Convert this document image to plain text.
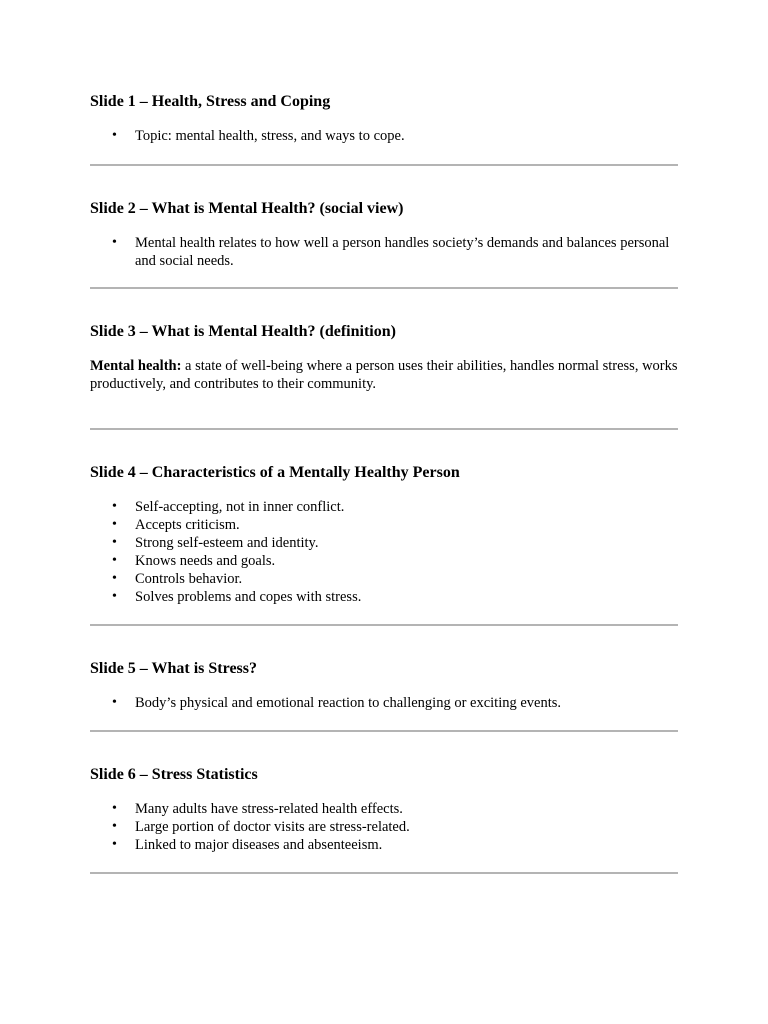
Slide 1 – Health, Stress and Coping
• Topic: mental health, stress, and ways to cope.
Slide 2 – What is Mental Health? (social view)
• Mental health relates to how well a person handles society’s demands and balances personal and social needs.
Slide 3 – What is Mental Health? (definition)

Mental health: a state of well-being where a person uses their abilities, handles normal stress, works productively, and contributes to their community.

Slide 4 – Characteristics of a Mentally Healthy Person
• Self-accepting, not in inner conflict.
• Accepts criticism.
• Strong self-esteem and identity.
• Knows needs and goals.
• Controls behavior.
• Solves problems and copes with stress.
Slide 5 – What is Stress?
• Body’s physical and emotional reaction to challenging or exciting events.
Slide 6 – Stress Statistics
• Many adults have stress-related health effects.
• Large portion of doctor visits are stress-related.
• Linked to major diseases and absenteeism.
